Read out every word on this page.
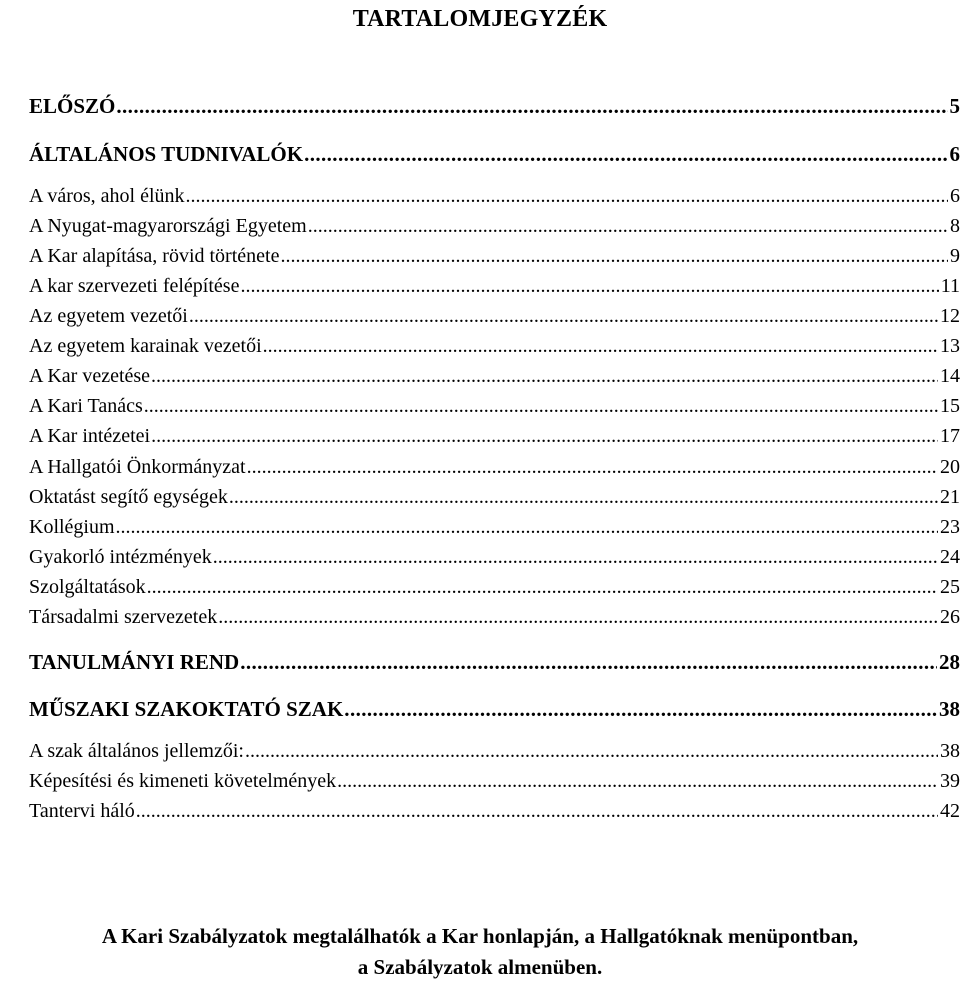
TARTALOMJEGYZÉK
ELŐSZÓ .....	5
ÁLTALÁNOS TUDNIVALÓK .....	6
A város, ahol élünk .....	6
A Nyugat-magyarországi Egyetem .....	8
A Kar alapítása, rövid története .....	9
A kar szervezeti felépítése .....	11
Az egyetem vezetői .....	12
Az egyetem karainak vezetői .....	13
A Kar vezetése .....	14
A Kari Tanács .....	15
A Kar intézetei .....	17
A Hallgatói Önkormányzat .....	20
Oktatást segítő egységek .....	21
Kollégium .....	23
Gyakorló intézmények .....	24
Szolgáltatások .....	25
Társadalmi szervezetek .....	26
TANULMÁNYI REND .....	28
MŰSZAKI SZAKOKTATÓ SZAK .....	38
A szak általános jellemzői: .....	38
Képesítési és kimeneti követelmények .....	39
Tantervi háló .....	42
A Kari Szabályzatok megtalálhatók a Kar honlapján, a Hallgatóknak menüpontban,
a Szabályzatok almenüben.
